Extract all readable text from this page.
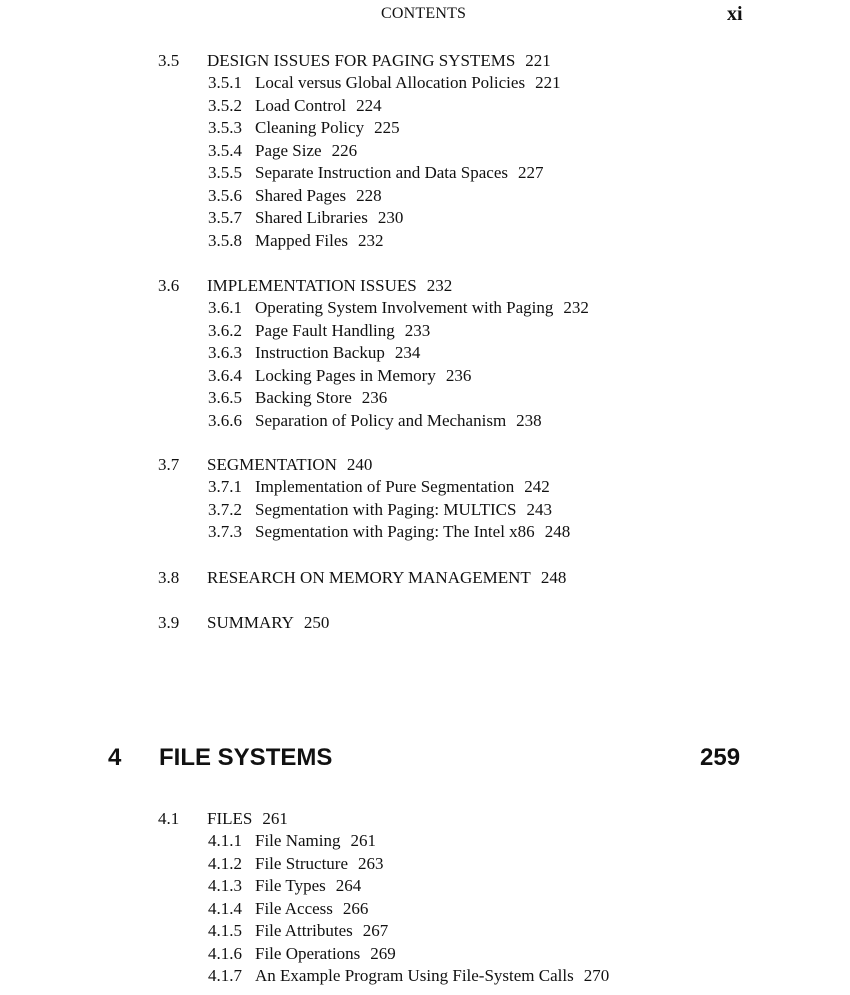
CONTENTS	xi
3.5 DESIGN ISSUES FOR PAGING SYSTEMS 221
3.5.1 Local versus Global Allocation Policies 221
3.5.2 Load Control 224
3.5.3 Cleaning Policy 225
3.5.4 Page Size 226
3.5.5 Separate Instruction and Data Spaces 227
3.5.6 Shared Pages 228
3.5.7 Shared Libraries 230
3.5.8 Mapped Files 232
3.6 IMPLEMENTATION ISSUES 232
3.6.1 Operating System Involvement with Paging 232
3.6.2 Page Fault Handling 233
3.6.3 Instruction Backup 234
3.6.4 Locking Pages in Memory 236
3.6.5 Backing Store 236
3.6.6 Separation of Policy and Mechanism 238
3.7 SEGMENTATION 240
3.7.1 Implementation of Pure Segmentation 242
3.7.2 Segmentation with Paging: MULTICS 243
3.7.3 Segmentation with Paging: The Intel x86 248
3.8 RESEARCH ON MEMORY MANAGEMENT 248
3.9 SUMMARY 250
4 FILE SYSTEMS	259
4.1 FILES 261
4.1.1 File Naming 261
4.1.2 File Structure 263
4.1.3 File Types 264
4.1.4 File Access 266
4.1.5 File Attributes 267
4.1.6 File Operations 269
4.1.7 An Example Program Using File-System Calls 270
